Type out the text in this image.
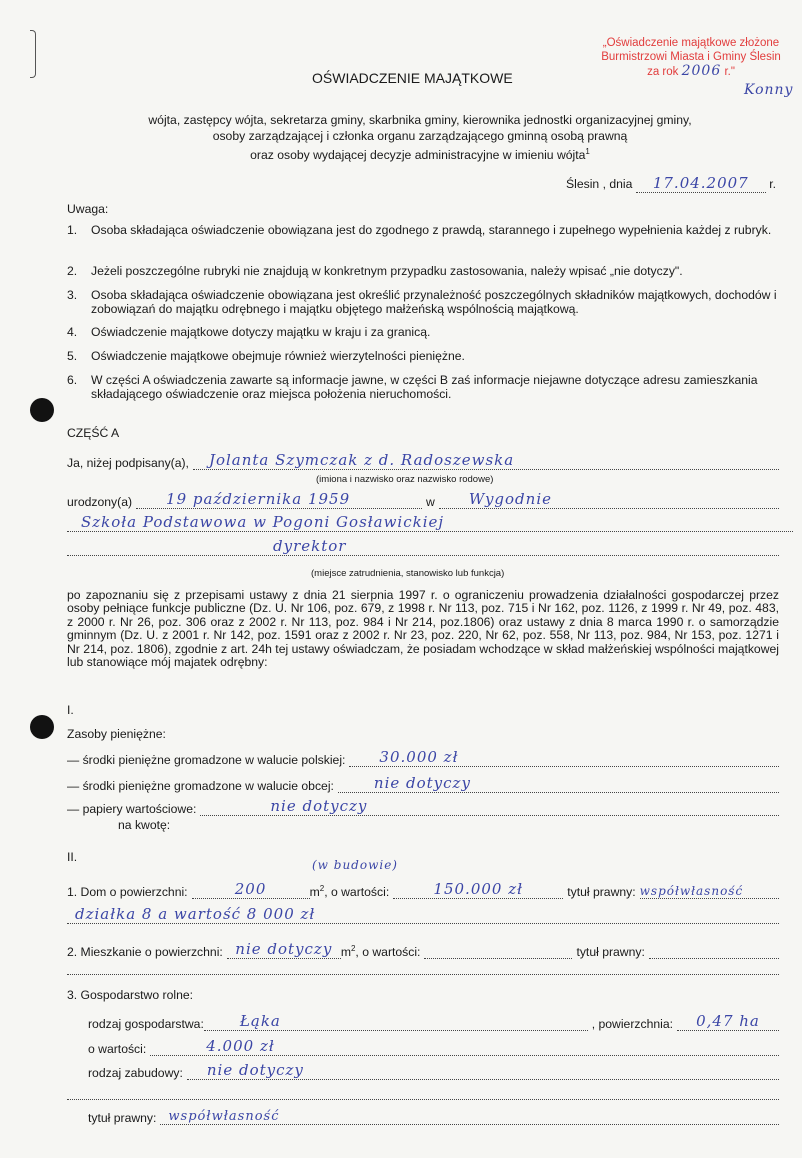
„Oświadczenie majątkowe złożone
Burmistrzowi Miasta i Gminy Ślesin
za rok 2006 r."
Konny
OŚWIADCZENIE MAJĄTKOWE
wójta, zastępcy wójta, sekretarza gminy, skarbnika gminy, kierownika jednostki organizacyjnej gminy,
osoby zarządzającej i członka organu zarządzającego gminną osobą prawną
oraz osoby wydającej decyzje administracyjne w imieniu wójta$^1$
Ślesin , dnia 17.04.2007 r.
Uwaga:
1.	Osoba składająca oświadczenie obowiązana jest do zgodnego z prawdą, starannego i zupełnego wypełnienia każdej z rubryk.
2.	Jeżeli poszczególne rubryki nie znajdują w konkretnym przypadku zastosowania, należy wpisać „nie dotyczy".
3.	Osoba składająca oświadczenie obowiązana jest określić przynależność poszczególnych składników majątkowych, dochodów i zobowiązań do majątku odrębnego i majątku objętego małżeńską wspólnością majątkową.
4.	Oświadczenie majątkowe dotyczy majątku w kraju i za granicą.
5.	Oświadczenie majątkowe obejmuje również wierzytelności pieniężne.
6.	W części A oświadczenia zawarte są informacje jawne, w części B zaś informacje niejawne dotyczące adresu zamieszkania składającego oświadczenie oraz miejsca położenia nieruchomości.
CZĘŚĆ A
Ja, niżej podpisany(a),	Jolanta Szymczak z d. Radoszewska
(imiona i nazwisko oraz nazwisko rodowe)
urodzony(a)	19 października 1959	w	Wygodnie
Szkoła Podstawowa w Pogoni Gosławickiej
dyrektor
(miejsce zatrudnienia, stanowisko lub funkcja)

po zapoznaniu się z przepisami ustawy z dnia 21 sierpnia 1997 r. o ograniczeniu prowadzenia działalności gospodarczej przez osoby pełniące funkcje publiczne (Dz. U. Nr 106, poz. 679, z 1998 r. Nr 113, poz. 715 i Nr 162, poz. 1126, z 1999 r. Nr 49, poz. 483, z 2000 r. Nr 26, poz. 306 oraz z 2002 r. Nr 113, poz. 984 i Nr 214, poz.1806) oraz ustawy z dnia 8 marca 1990 r. o samorządzie gminnym (Dz. U. z 2001 r. Nr 142, poz. 1591 oraz z 2002 r. Nr 23, poz. 220, Nr 62, poz. 558, Nr 113, poz. 984, Nr 153, poz. 1271 i Nr 214, poz. 1806), zgodnie z art. 24h tej ustawy oświadczam, że posiadam wchodzące w skład małżeńskiej wspólności majątkowej lub stanowiące mój majatek odrębny:

I.
Zasoby pieniężne:
— środki pieniężne gromadzone w walucie polskiej:	30.000 zł
— środki pieniężne gromadzone w walucie obcej:	nie dotyczy
— papiery wartościowe:	nie dotyczy
na kwotę:
II.
(w budowie)
1. Dom o powierzchni:	200	$m^2$ , o wartości:	150.000 zł	tytuł prawny: współwłasność
działka 8 a wartość 8 000 zł
2. Mieszkanie o powierzchni: nie dotyczy $m^2$ , o wartości:	tytuł prawny:
3. Gospodarstwo rolne:
rodzaj gospodarstwa:	Łąka	, powierzchnia:	0,47 ha
o wartości:	4.000 zł
rodzaj zabudowy:	nie dotyczy
tytuł prawny: współwłasność
